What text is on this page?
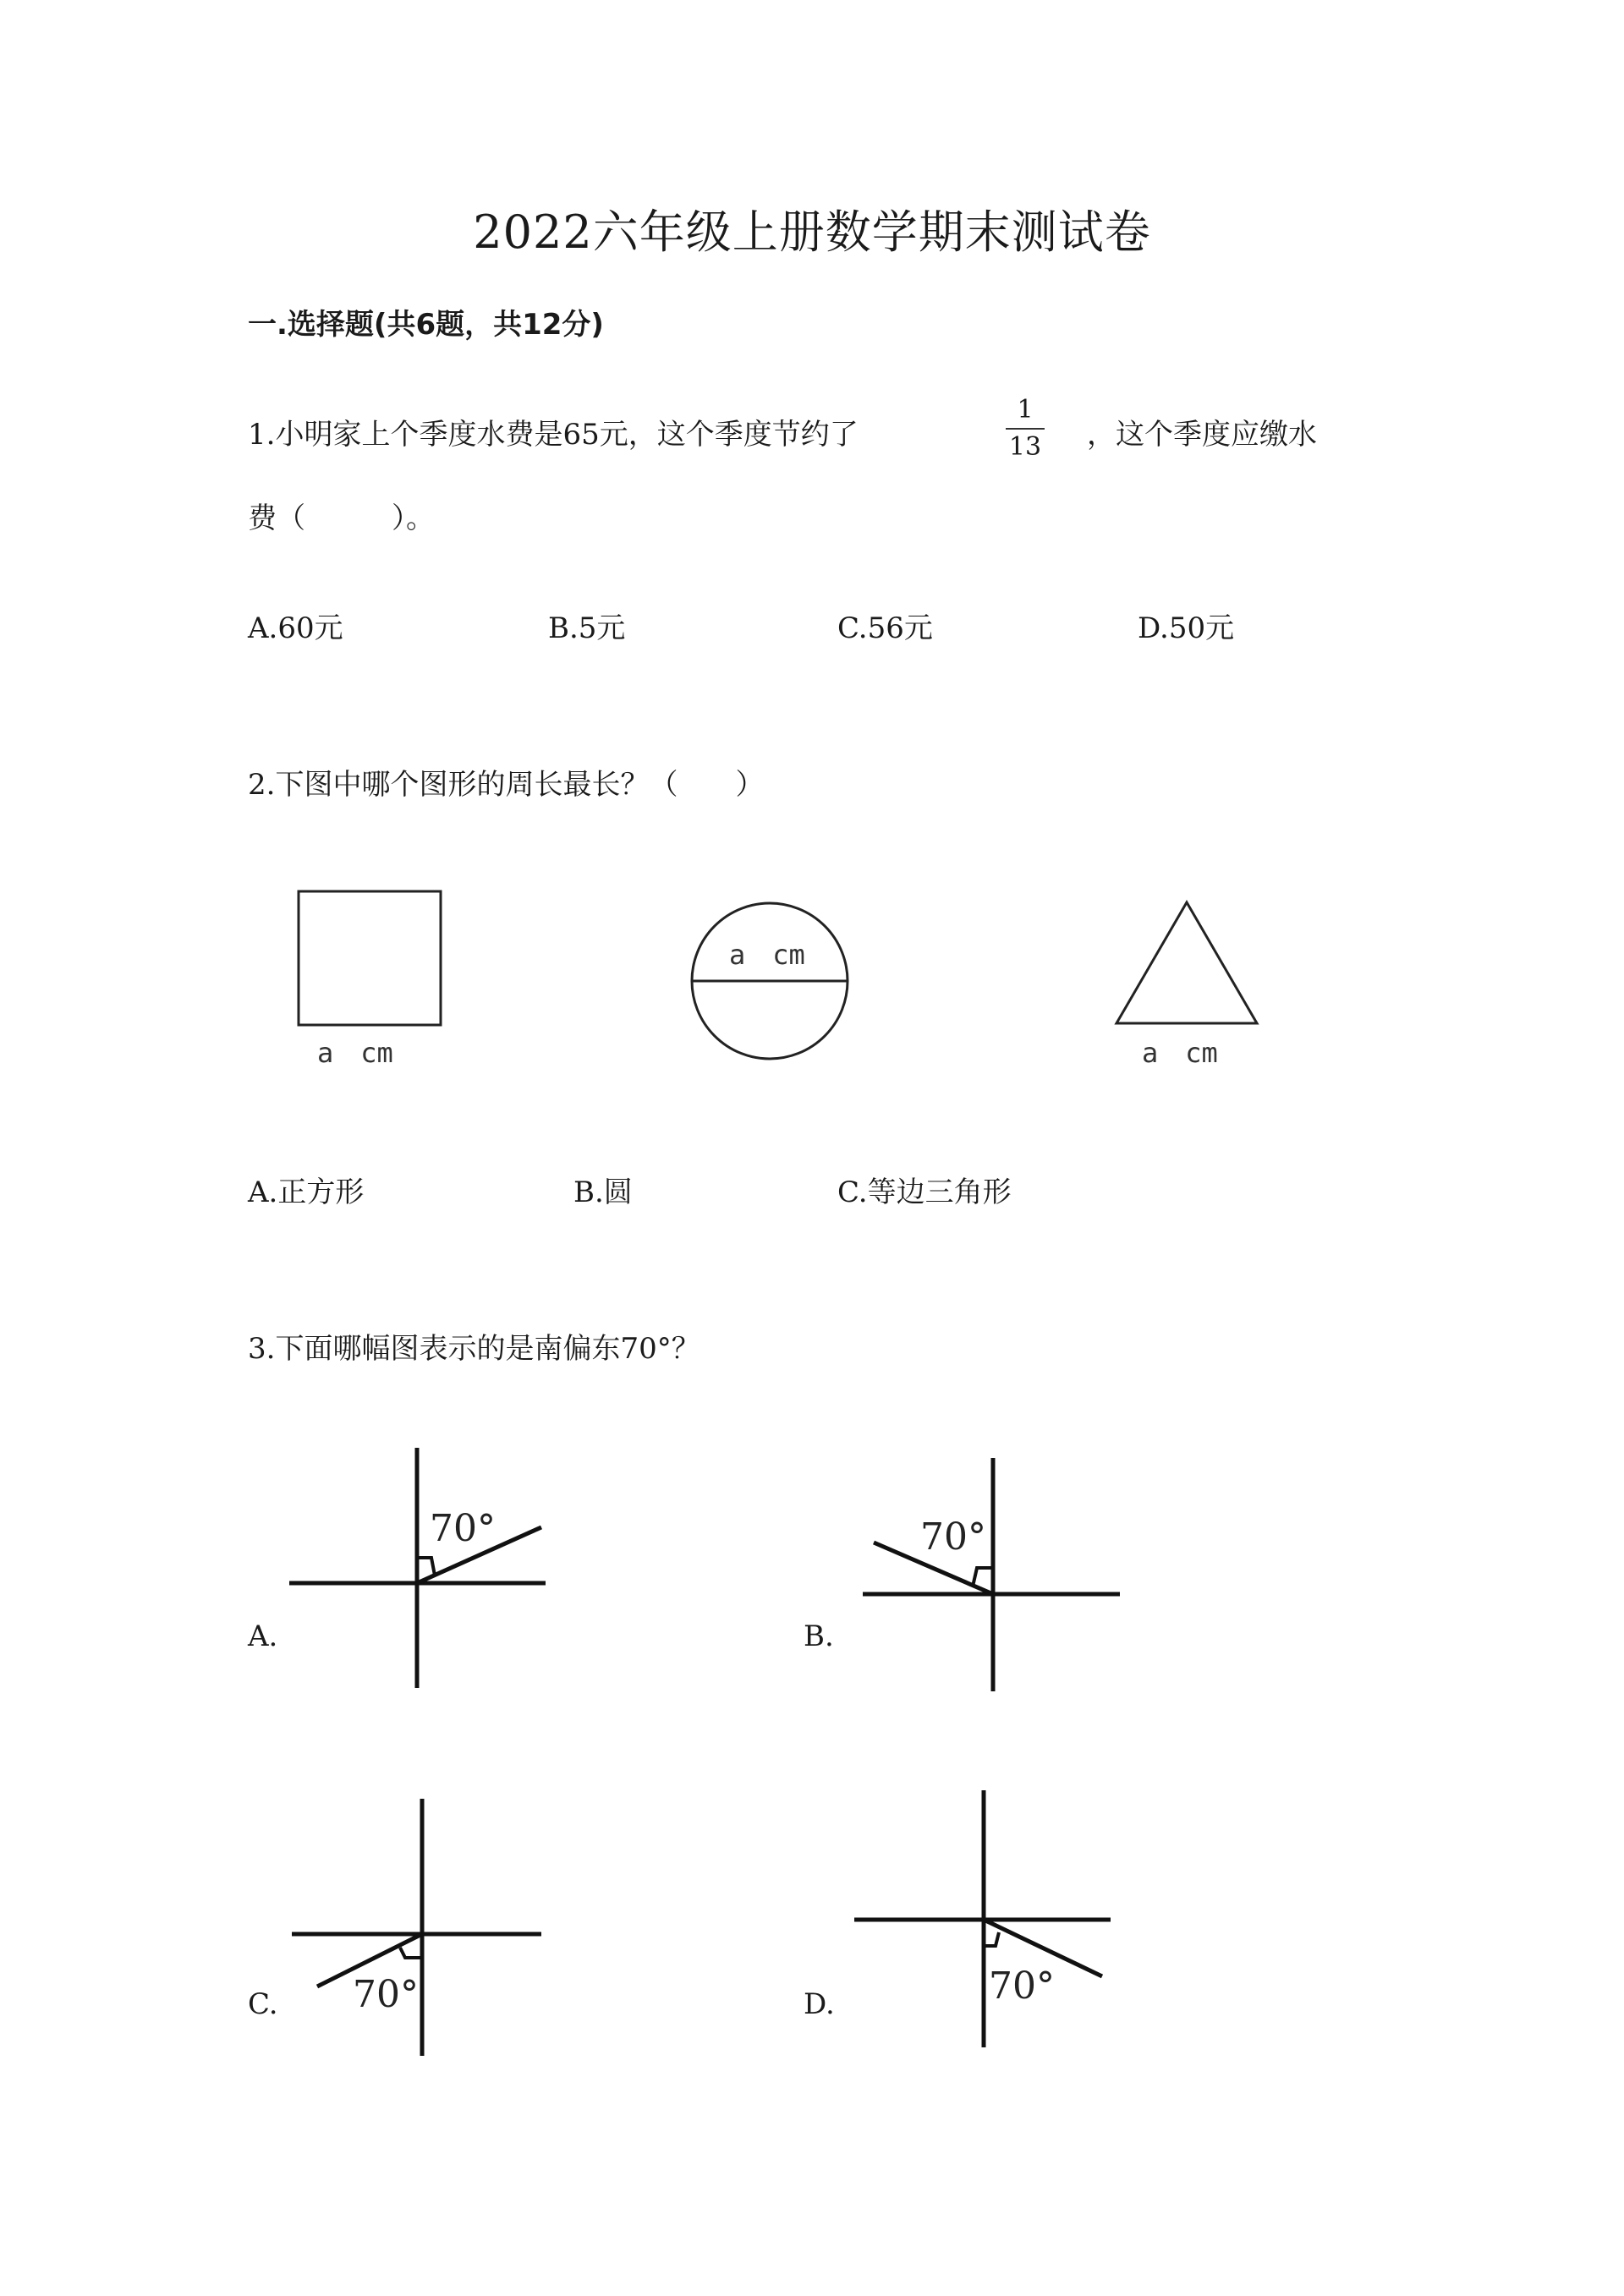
2022六年级上册数学期末测试卷
一.选择题(共6题，共12分)
1.小明家上个季度水费是65元，这个季度节约了
1
13 ，这个季度应缴水
费（　　　）。
A.60元	B.5元	C.56元	D.50元
2.下图中哪个图形的周长最长？（　　）
a　cm
a　cm
a　cm
A.正方形	B.圆	C.等边三角形
3.下面哪幅图表示的是南偏东70°？
70°
A.
70°
B.
70°
C.	70°
D.
